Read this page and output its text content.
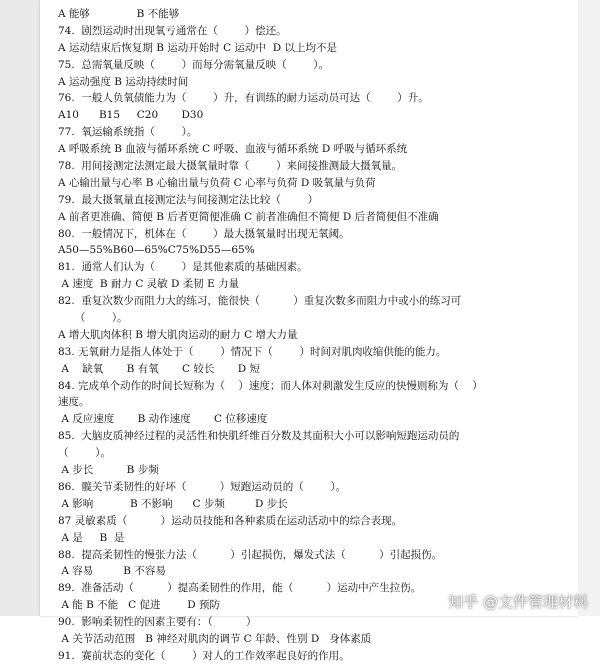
A 能够              B 不能够
74.  剧烈运动时出现氧亏通常在（        ）偿还。
A 运动结束后恢复期 B 运动开始时 C 运动中  D 以上均不是
75.  总需氧量反映（        ）而每分需氧量反映（        ）。
A 运动强度 B 运动持续时间
76.  一般人负氧债能力为（        ）升，有训练的耐力运动员可达（        ）升。
A10      B15     C20       D30
77.  氧运输系统指（        ）。
A 呼吸系统 B 血液与循环系统 C 呼吸、血液与循环系统 D 呼吸与循环系统
78.  用间接测定法测定最大摄氧量时靠（        ）来间接推测最大摄氧量。
A 心输出量与心率 B 心输出量与负荷 C 心率与负荷 D 吸氧量与负荷
79.  最大摄氧量直接测定法与间接测定法比较（        ）
A 前者更准确、简便 B 后者更简便准确 C 前者准确但不简便 D 后者简便但不准确
80.  一般情况下，机体在（        ）最大摄氧量时出现无氧阈。
A50—55%B60—65%C75%D55—65%
81.  通常人们认为（        ）是其他素质的基础因素。
A 速度  B 耐力 C 灵敏 D 柔韧 E 力量
82.  重复次数少而阻力大的练习，能很快（          ）重复次数多而阻力中或小的练习可
（        ）。
A 增大肌肉体积 B 增大肌肉运动的耐力 C 增大力量
83. 无氧耐力是指人体处于（        ）情况下（        ）时间对肌肉收缩供能的能力。
A    缺氧       B 有氧       C 较长       D 短
84. 完成单个动作的时间长短称为（    ）速度；而人体对刺激发生反应的快慢则称为（    ）
速度。
A 反应速度       B 动作速度       C 位移速度
85.  大脑皮质神经过程的灵活性和快肌纤维百分数及其面积大小可以影响短跑运动员的
（        ）。
A 步长          B 步频
86.  髋关节柔韧性的好坏（          ）短跑运动员的（        ）。
A 影响           B 不影响      C 步频         D 步长
87 灵敏素质（          ）运动员技能和各种素质在运动活动中的综合表现。
A 是     B  是
88.  提高柔韧性的慢张力法（          ）引起损伤，爆发式法（          ）引起损伤。
A 容易         B 不容易
89.  准备活动（          ）提高柔韧性的作用，能（          ）运动中产生拉伤。
A 能 B 不能   C 促进        D 预防
90.  影响柔韧性的因素主要有：（          ）
A 关节活动范围   B 神经对肌肉的调节 C 年龄、性别 D   身体素质
91.  赛前状态的变化（        ）对人的工作效率起良好的作用。
知乎 @文件管理材料
